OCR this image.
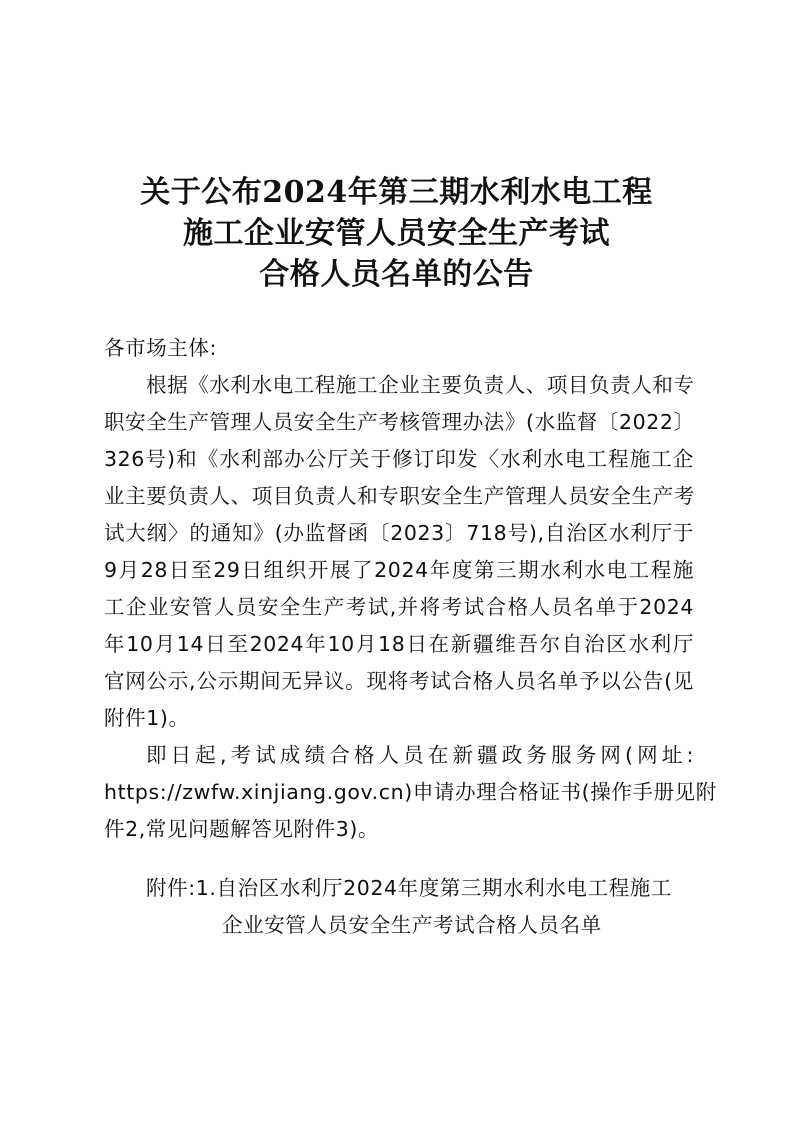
关于公布2024年第三期水利水电工程
施工企业安管人员安全生产考试
合格人员名单的公告
各市场主体:
根据《水利水电工程施工企业主要负责人、项目负责人和专
职安全生产管理人员安全生产考核管理办法》(水监督〔2022〕
326号)和《水利部办公厅关于修订印发〈水利水电工程施工企
业主要负责人、项目负责人和专职安全生产管理人员安全生产考
试大纲〉的通知》(办监督函〔2023〕718号),自治区水利厅于
9月28日至29日组织开展了2024年度第三期水利水电工程施
工企业安管人员安全生产考试,并将考试合格人员名单于2024
年10月14日至2024年10月18日在新疆维吾尔自治区水利厅
官网公示,公示期间无异议。现将考试合格人员名单予以公告(见
附件1)。
即日起,考试成绩合格人员在新疆政务服务网(网址:
https://zwfw.xinjiang.gov.cn)申请办理合格证书(操作手册见附
件2,常见问题解答见附件3)。
附件:1.自治区水利厅2024年度第三期水利水电工程施工
企业安管人员安全生产考试合格人员名单
